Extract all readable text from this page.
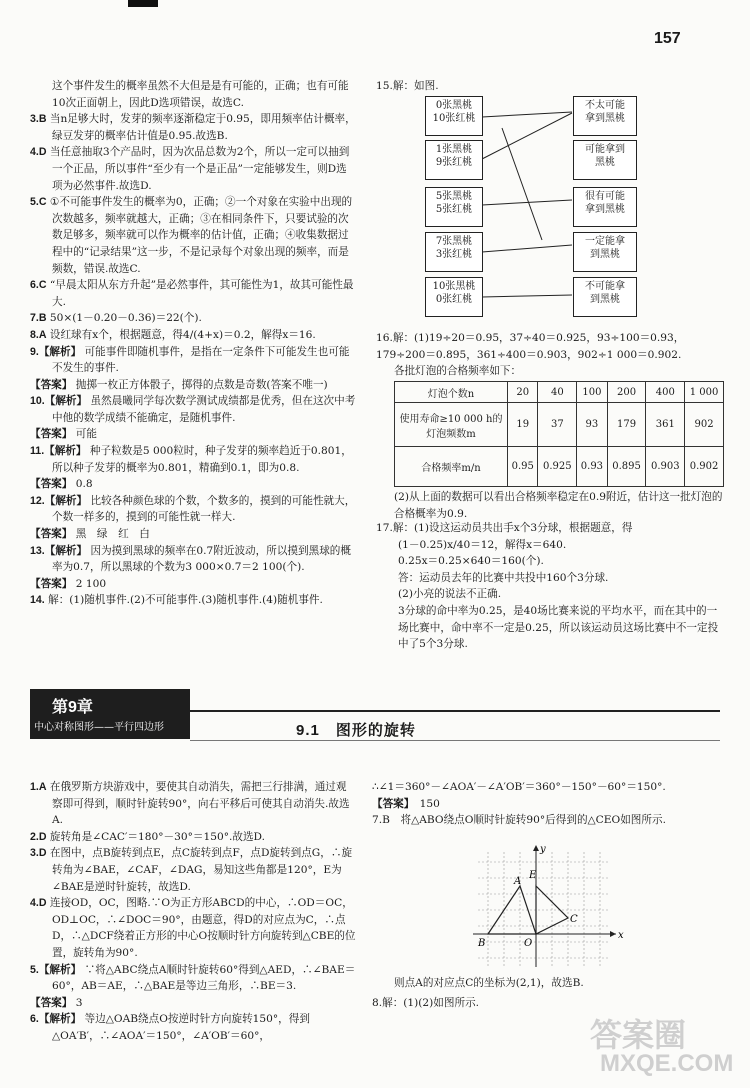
157

这个事件发生的概率虽然不大但是是有可能的，正确；也有可能10次正面朝上，因此D选项错误，故选C.

3.B 当n足够大时，发芽的频率逐渐稳定于0.95，即用频率估计概率，绿豆发芽的概率估计值是0.95.故选B.

4.D 当任意抽取3个产品时，因为次品总数为2个，所以一定可以抽到一个正品，所以事件“至少有一个是正品”一定能够发生，则D选项为必然事件.故选D.

5.C ①不可能事件发生的概率为0，正确；②一个对象在实验中出现的次数越多，频率就越大，正确；③在相同条件下，只要试验的次数足够多，频率就可以作为概率的估计值，正确；④收集数据过程中的“记录结果”这一步，不是记录每个对象出现的频率，而是频数，错误.故选C.

6.C “早晨太阳从东方升起”是必然事件，其可能性为1，故其可能性最大.

7.B 50×(1－0.20－0.36)＝22(个).

8.A 设红球有x个，根据题意，得4/(4+x)＝0.2，解得x＝16.

9.【解析】 可能事件即随机事件，是指在一定条件下可能发生也可能不发生的事件.

【答案】 抛掷一枚正方体骰子，掷得的点数是奇数(答案不唯一)

10.【解析】 虽然晨曦同学每次数学测试成绩都是优秀，但在这次中考中他的数学成绩不能确定，是随机事件.

【答案】 可能

11.【解析】 种子粒数是5 000粒时，种子发芽的频率趋近于0.801，所以种子发芽的概率为0.801，精确到0.1，即为0.8.

【答案】 0.8

12.【解析】 比较各种颜色球的个数，个数多的，摸到的可能性就大，个数一样多的，摸到的可能性就一样大.

【答案】 黑　绿　红　白

13.【解析】 因为摸到黑球的频率在0.7附近波动，所以摸到黑球的概率为0.7，所以黑球的个数为3 000×0.7＝2 100(个).

【答案】 2 100

14. 解：(1)随机事件.(2)不可能事件.(3)随机事件.(4)随机事件.

15.解：如图.
0张黑桃
10张红桃
1张黑桃
9张红桃
5张黑桃
5张红桃
7张黑桃
3张红桃
10张黑桃
0张红桃
不太可能
拿到黑桃
可能拿到
黑桃
很有可能
拿到黑桃
一定能拿
到黑桃
不可能拿
到黑桃
16.解：(1)19÷20＝0.95，37÷40＝0.925，93÷100＝0.93，179÷200＝0.895，361÷400＝0.903，902÷1 000＝0.902.
各批灯泡的合格频率如下：
灯泡个数n	20	40	100	200	400	1 000
使用寿命≥10 000 h的灯泡频数m	19	37	93	179	361	902
合格频率m/n	0.95	0.925	0.93	0.895	0.903	0.902
(2)从上面的数据可以看出合格频率稳定在0.9附近，估计这一批灯泡的合格概率为0.9.

17.解：(1)设这运动员共出手x个3分球，根据题意，得

(1－0.25)x/40＝12，解得x＝640.

0.25x＝0.25×640＝160(个).

答：运动员去年的比赛中共投中160个3分球.

(2)小亮的说法不正确.

3分球的命中率为0.25，是40场比赛来说的平均水平，而在其中的一场比赛中，命中率不一定是0.25，所以该运动员这场比赛中不一定投中了5个3分球.

第9章
中心对称图形——平行四边形	9.1　图形的旋转

1.A 在俄罗斯方块游戏中，要使其自动消失，需把三行排满，通过观察即可得到，顺时针旋转90°，向右平移后可使其自动消失.故选A.

2.D 旋转角是∠CAC′＝180°－30°＝150°.故选D.

3.D 在图中，点B旋转到点E，点C旋转到点F，点D旋转到点G，∴旋转角为∠BAE，∠CAF，∠DAG，易知这些角都是120°，E为∠BAE是逆时针旋转，故选D.

4.D 连接OD，OC，图略.∵O为正方形ABCD的中心，∴OD＝OC，OD⊥OC，∴∠DOC＝90°，由题意，得D的对应点为C，∴点D，∴△DCF绕着正方形的中心O按顺时针方向旋转到△CBE的位置，旋转角为90°.

5.【解析】 ∵将△ABC绕点A顺时针旋转60°得到△AED，∴∠BAE＝60°，AB＝AE，∴△BAE是等边三角形，∴BE＝3.

【答案】 3

6.【解析】 等边△OAB绕点O按逆时针方向旋转150°，得到△OA′B′，∴∠AOA′＝150°，∠A′OB′＝60°，

∴∠1＝360°－∠AOA′－∠A′OB′＝360°－150°－60°＝150°.

【答案】　 150

7.B　将△ABO绕点O顺时针旋转90°后得到的△CEO如图所示.

x
y
A
B	O
C
E
则点A的对应点C的坐标为(2,1)，故选B.
8.解：(1)(2)如图所示.
答案圈
MXQE.COM
